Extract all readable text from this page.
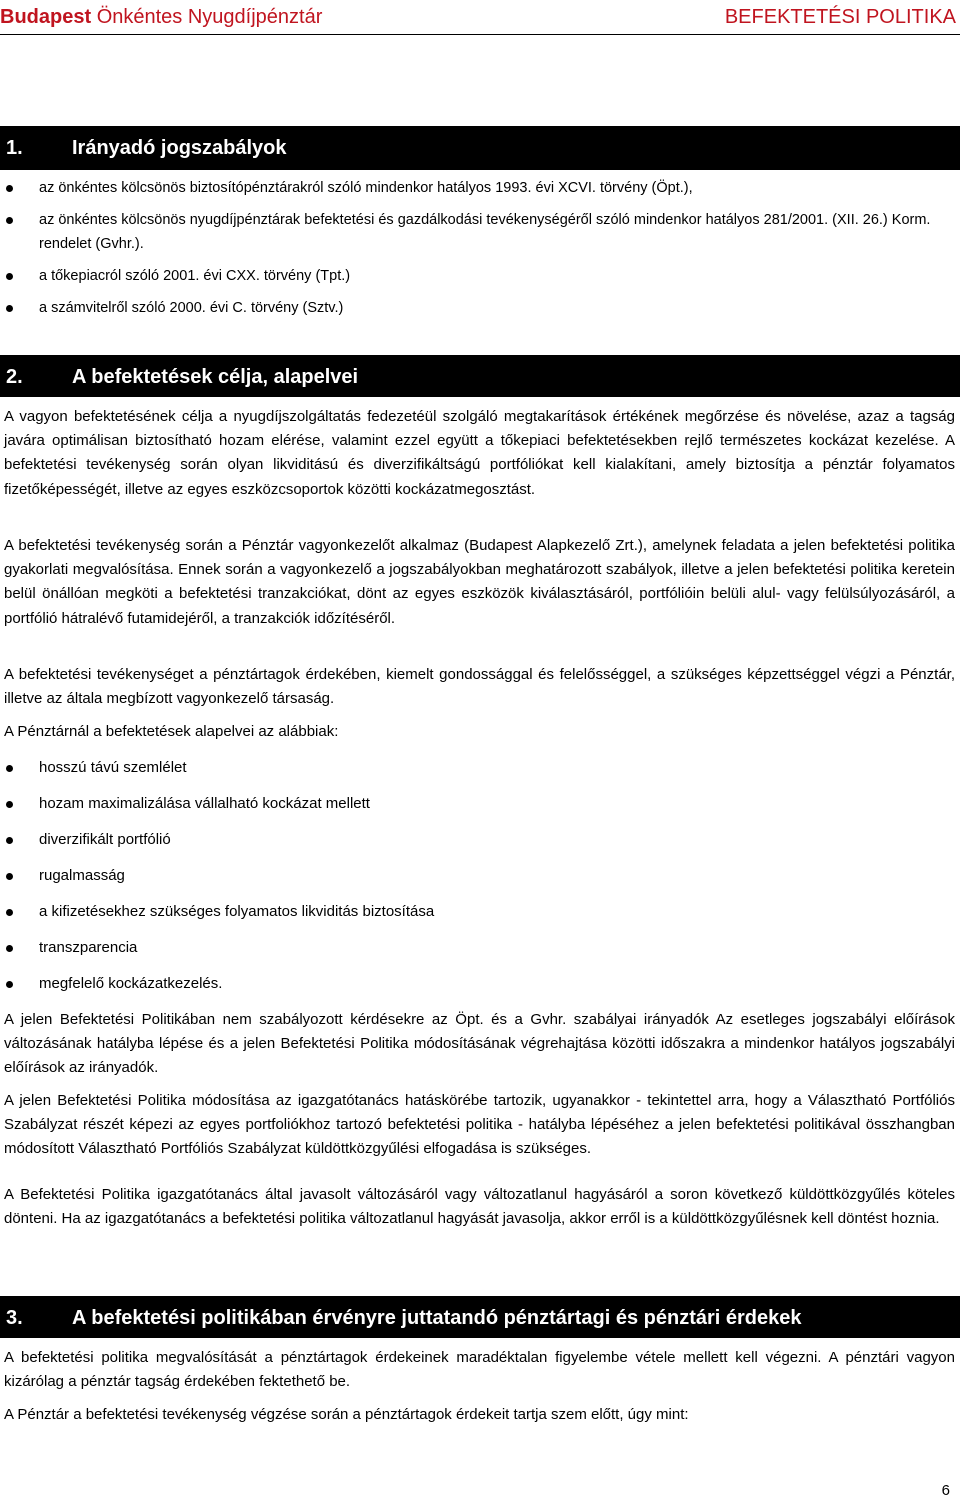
Budapest Önkéntes Nyugdíjpénztár	BEFEKTETÉSI POLITIKA
1. Irányadó jogszabályok
az önkéntes kölcsönös biztosítópénztárakról szóló mindenkor hatályos 1993. évi XCVI. törvény (Öpt.),
az önkéntes kölcsönös nyugdíjpénztárak befektetési és gazdálkodási tevékenységéről szóló mindenkor hatályos 281/2001. (XII. 26.) Korm. rendelet (Gvhr.).
a tőkepiacról szóló 2001. évi CXX. törvény (Tpt.)
a számvitelről szóló 2000. évi C. törvény (Sztv.)
2. A befektetések célja, alapelvei

A vagyon befektetésének célja a nyugdíjszolgáltatás fedezetéül szolgáló megtakarítások értékének megőrzése és növelése, azaz a tagság javára optimálisan biztosítható hozam elérése, valamint ezzel együtt a tőkepiaci befektetésekben rejlő természetes kockázat kezelése. A befektetési tevékenység során olyan likviditású és diverzifikáltságú portfóliókat kell kialakítani, amely biztosítja a pénztár folyamatos fizetőképességét, illetve az egyes eszközcsoportok közötti kockázatmegosztást.

A befektetési tevékenység során a Pénztár vagyonkezelőt alkalmaz (Budapest Alapkezelő Zrt.), amelynek feladata a jelen befektetési politika gyakorlati megvalósítása. Ennek során a vagyonkezelő a jogszabályokban meghatározott szabályok, illetve a jelen befektetési politika keretein belül önállóan megköti a befektetési tranzakciókat, dönt az egyes eszközök kiválasztásáról, portfólióin belüli alul- vagy felülsúlyozásáról, a portfólió hátralévő futamidejéről, a tranzakciók időzítéséről.

A befektetési tevékenységet a pénztártagok érdekében, kiemelt gondossággal és felelősséggel, a szükséges képzettséggel végzi a Pénztár, illetve az általa megbízott vagyonkezelő társaság.

A Pénztárnál a befektetések alapelvei az alábbiak:

hosszú távú szemlélet
hozam maximalizálása vállalható kockázat mellett
diverzifikált portfólió
rugalmasság
a kifizetésekhez szükséges folyamatos likviditás biztosítása
transzparencia
megfelelő kockázatkezelés.

A jelen Befektetési Politikában nem szabályozott kérdésekre az Öpt. és a Gvhr. szabályai irányadók Az esetleges jogszabályi előírások változásának hatályba lépése és a jelen Befektetési Politika módosításának végrehajtása közötti időszakra a mindenkor hatályos jogszabályi előírások az irányadók.

A jelen Befektetési Politika módosítása az igazgatótanács hatáskörébe tartozik, ugyanakkor - tekintettel arra, hogy a Választható Portfóliós Szabályzat részét képezi az egyes portfoliókhoz tartozó befektetési politika - hatályba lépéséhez a jelen befektetési politikával összhangban módosított Választható Portfóliós Szabályzat küldöttközgyűlési elfogadása is szükséges.

A Befektetési Politika igazgatótanács által javasolt változásáról vagy változatlanul hagyásáról a soron következő küldöttközgyűlés köteles dönteni. Ha az igazgatótanács a befektetési politika változatlanul hagyását javasolja, akkor erről is a küldöttközgyűlésnek kell döntést hoznia.

3. A befektetési politikában érvényre juttatandó pénztártagi és pénztári érdekek

A befektetési politika megvalósítását a pénztártagok érdekeinek maradéktalan figyelembe vétele mellett kell végezni. A pénztári vagyon kizárólag a pénztár tagság érdekében fektethető be.

A Pénztár a befektetési tevékenység végzése során a pénztártagok érdekeit tartja szem előtt, úgy mint:

6
